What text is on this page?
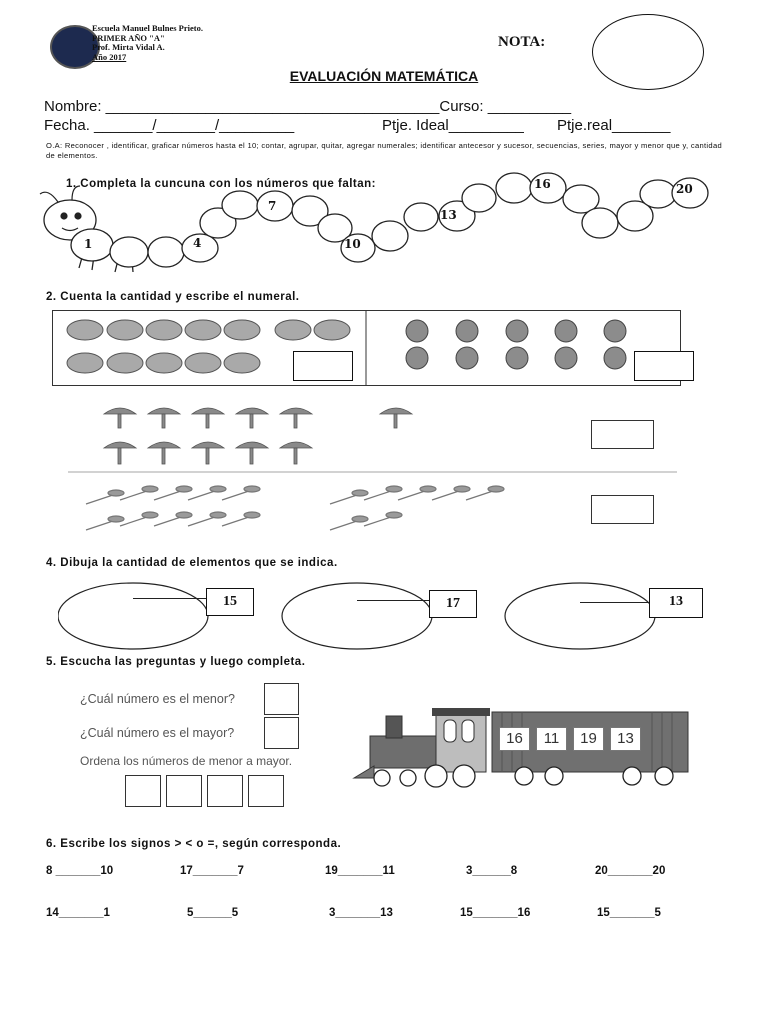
Escuela Manuel Bulnes Prieto.
PRIMER AÑO "A"
Prof. Mirta Vidal A.
Año 2017
NOTA:
EVALUACIÓN MATEMÁTICA
Nombre: ________________________________________Curso: __________
Fecha. _______/_______/_________	Ptje. Ideal_________ Ptje.real_______
O.A: Reconocer , identificar, graficar números hasta el 10; contar, agrupar, quitar, agregar numerales; identificar antecesor y sucesor, secuencias, series, mayor y menor que y, cantidad de elementos.
1. Completa la cuncuna con los números que faltan:
1	4
7
10
13
16	20
2. Cuenta la cantidad y escribe el numeral.
4. Dibuja la cantidad de elementos que se indica.
15	17	13
5. Escucha las preguntas y luego completa.
¿Cuál número es el menor?
¿Cuál número es el mayor?
Ordena los números de menor a mayor.
16	11	19	13
6. Escribe los signos > < o =, según corresponda.
8 _______10	17_______7	19_______11	3______8	20_______20
14_______1	5______5	3_______13	15_______16	15_______5
